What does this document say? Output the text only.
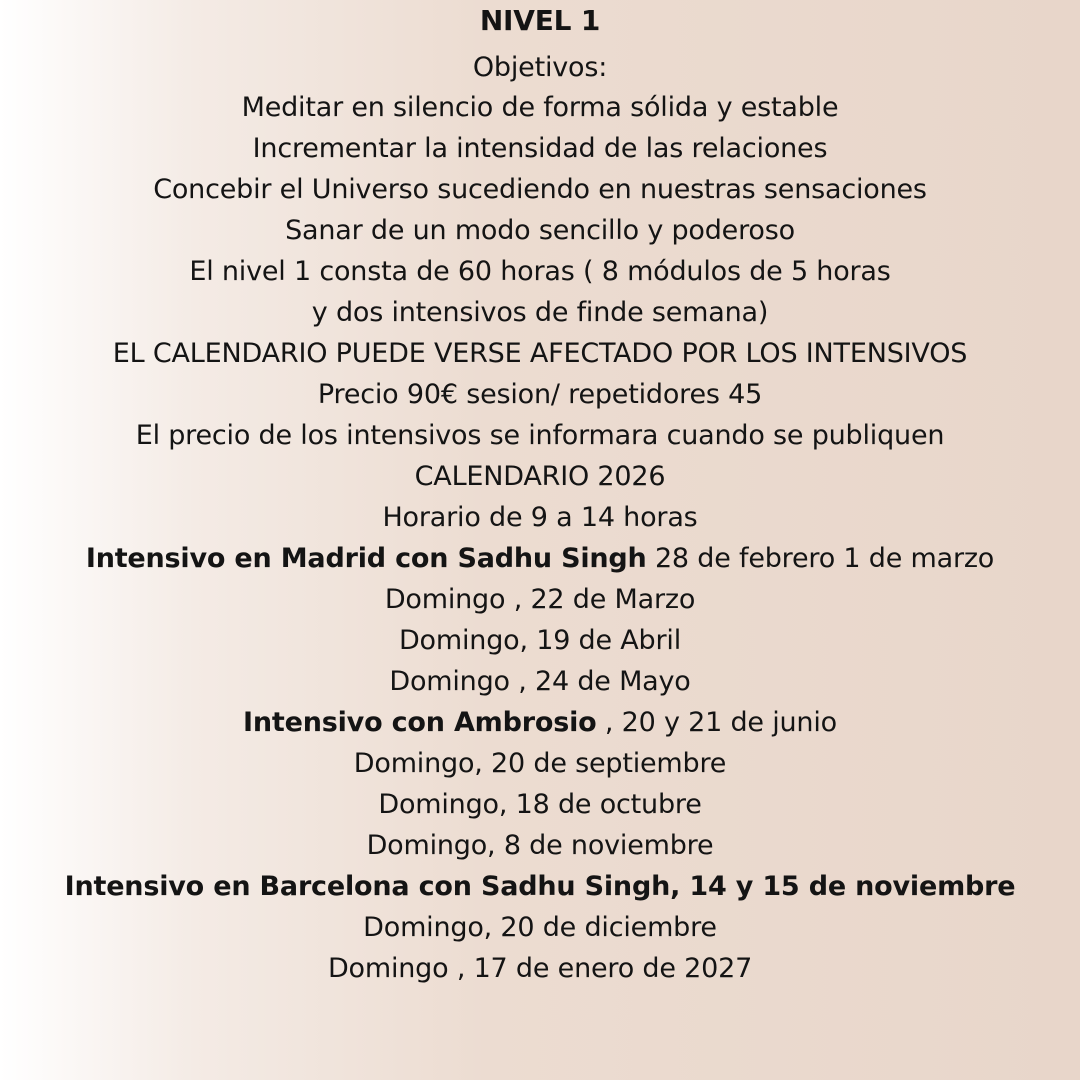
NIVEL 1
Objetivos:
Meditar en silencio de forma sólida y estable
Incrementar la intensidad de las relaciones
Concebir el Universo sucediendo en nuestras sensaciones
Sanar de un modo sencillo y poderoso
El nivel 1 consta de 60 horas ( 8 módulos de 5 horas
y dos intensivos de finde semana)
EL CALENDARIO PUEDE VERSE AFECTADO POR LOS INTENSIVOS
Precio 90€ sesion/ repetidores 45
El precio de los intensivos se informara cuando se publiquen
CALENDARIO 2026
Horario de 9 a 14 horas
Intensivo en Madrid con Sadhu Singh 28 de febrero 1 de marzo
Domingo , 22 de Marzo
Domingo, 19 de Abril
Domingo , 24 de Mayo
Intensivo con Ambrosio , 20 y 21 de junio
Domingo, 20 de septiembre
Domingo, 18 de octubre
Domingo, 8 de noviembre
Intensivo en Barcelona con Sadhu Singh, 14 y 15 de noviembre
Domingo, 20 de diciembre
Domingo , 17 de enero de 2027
